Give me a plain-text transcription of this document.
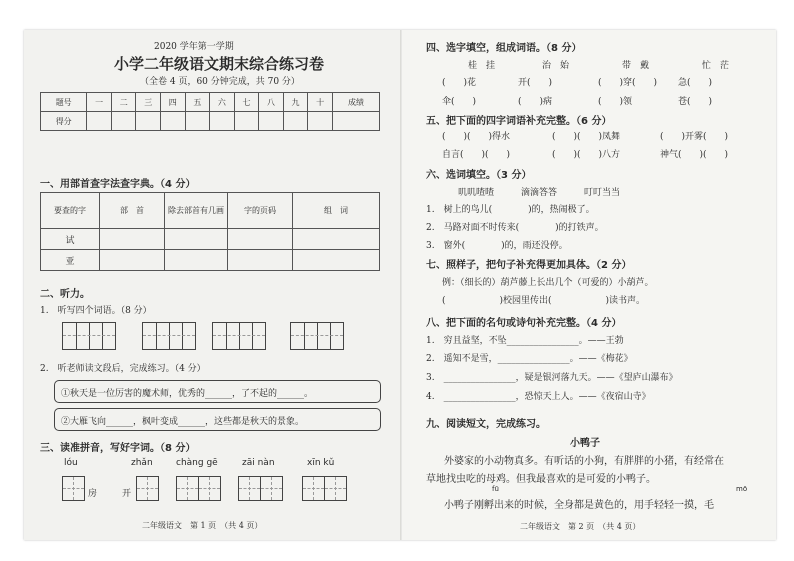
2020 学年第一学期
小学二年级语文期末综合练习卷
（全卷 4 页，60 分钟完成，共 70 分）
题号	一	二	三	四	五	六	七	八	九	十	成绩
得分											
一、用部首查字法查字典。（4 分）
要查的字	部　首	除去部首有几画	字的页码	组　词
试				
亚				
二、听力。
1.　听写四个词语。（8 分）
2.　听老师读文段后，完成练习。（4 分）
①秋天是一位厉害的魔术师，优秀的______，了不起的______。
②大雁飞向______，枫叶变成______，这些都是秋天的景象。
三、读准拼音，写好字词。（8 分）
lóu	zhǎn	chàng gē	zāi nàn	xīn kǔ
房	开
二年级语文　第 1 页　（共 4 页）
四、选字填空，组成词语。（8 分）
桂　挂	治　始	带　戴	忙　茫
(　　)花	开(　　)	(　　)穿(　　) 急(　　)
伞(　　)	(　　)病	(　　)领	苍(　　)
五、把下面的四字词语补充完整。（6 分）
(　　)(　　)得水	(　　)(　　)凤舞	(　　)开雾(　　)
自言(　　)(　　)	(　　)(　　)八方	神气(　　)(　　)
六、选词填空。（3 分）
叽叽喳喳　　　滴滴答答　　　叮叮当当
1.　树上的鸟儿(　　　　)的，热闹极了。
2.　马路对面不时传来(　　　　)的打铁声。
3.　窗外(　　　　)的，雨还没停。
七、照样子，把句子补充得更加具体。（2 分）
例：（细长的）葫芦藤上长出几个（可爱的）小葫芦。
(　　　　　　)校园里传出(　　　　　　)读书声。
八、把下面的名句或诗句补充完整。（4 分）
1.　穷且益坚，不坠________________。——王勃
2.　遥知不是雪，________________。——《梅花》
3.　________________，疑是银河落九天。——《望庐山瀑布》
4.　________________，恐惊天上人。——《夜宿山寺》
九、阅读短文，完成练习。
小鸭子
外婆家的小动物真多。有听话的小狗，有胖胖的小猪，有经常在
草地找虫吃的母鸡。但我最喜欢的是可爱的小鸭子。
fū	mō
小鸭子刚孵出来的时候，全身都是黄色的，用手轻轻一摸，毛
二年级语文　第 2 页　（共 4 页）
